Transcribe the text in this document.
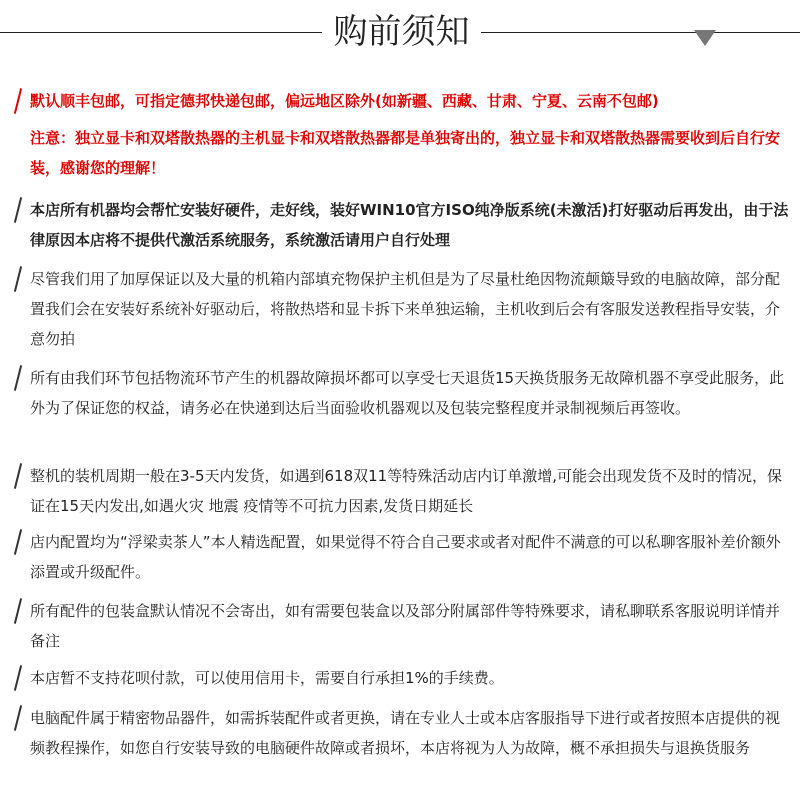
购前须知
默认顺丰包邮，可指定德邦快递包邮，偏远地区除外(如新疆、西藏、甘肃、宁夏、云南不包邮)
注意：独立显卡和双塔散热器的主机显卡和双塔散热器都是单独寄出的，独立显卡和双塔散热器需要收到后自行安装，感谢您的理解！
本店所有机器均会帮忙安装好硬件，走好线，装好WIN10官方ISO纯净版系统(未激活)打好驱动后再发出，由于法律原因本店将不提供代激活系统服务，系统激活请用户自行处理
尽管我们用了加厚保证以及大量的机箱内部填充物保护主机但是为了尽量杜绝因物流颠簸导致的电脑故障，部分配置我们会在安装好系统补好驱动后，将散热塔和显卡拆下来单独运输，主机收到后会有客服发送教程指导安装，介意勿拍
所有由我们环节包括物流环节产生的机器故障损坏都可以享受七天退货15天换货服务无故障机器不享受此服务，此外为了保证您的权益，请务必在快递到达后当面验收机器观以及包装完整程度并录制视频后再签收。
整机的装机周期一般在3-5天内发货，如遇到618双11等特殊活动店内订单激增,可能会出现发货不及时的情况，保证在15天内发出,如遇火灾 地震 疫情等不可抗力因素,发货日期延长
店内配置均为“浮梁卖茶人”本人精选配置，如果觉得不符合自己要求或者对配件不满意的可以私聊客服补差价额外添置或升级配件。
所有配件的包装盒默认情况不会寄出，如有需要包装盒以及部分附属部件等特殊要求，请私聊联系客服说明详情并备注
本店暂不支持花呗付款，可以使用信用卡，需要自行承担1%的手续费。
电脑配件属于精密物品器件，如需拆装配件或者更换，请在专业人士或本店客服指导下进行或者按照本店提供的视频教程操作，如您自行安装导致的电脑硬件故障或者损坏，本店将视为人为故障，概不承担损失与退换货服务
